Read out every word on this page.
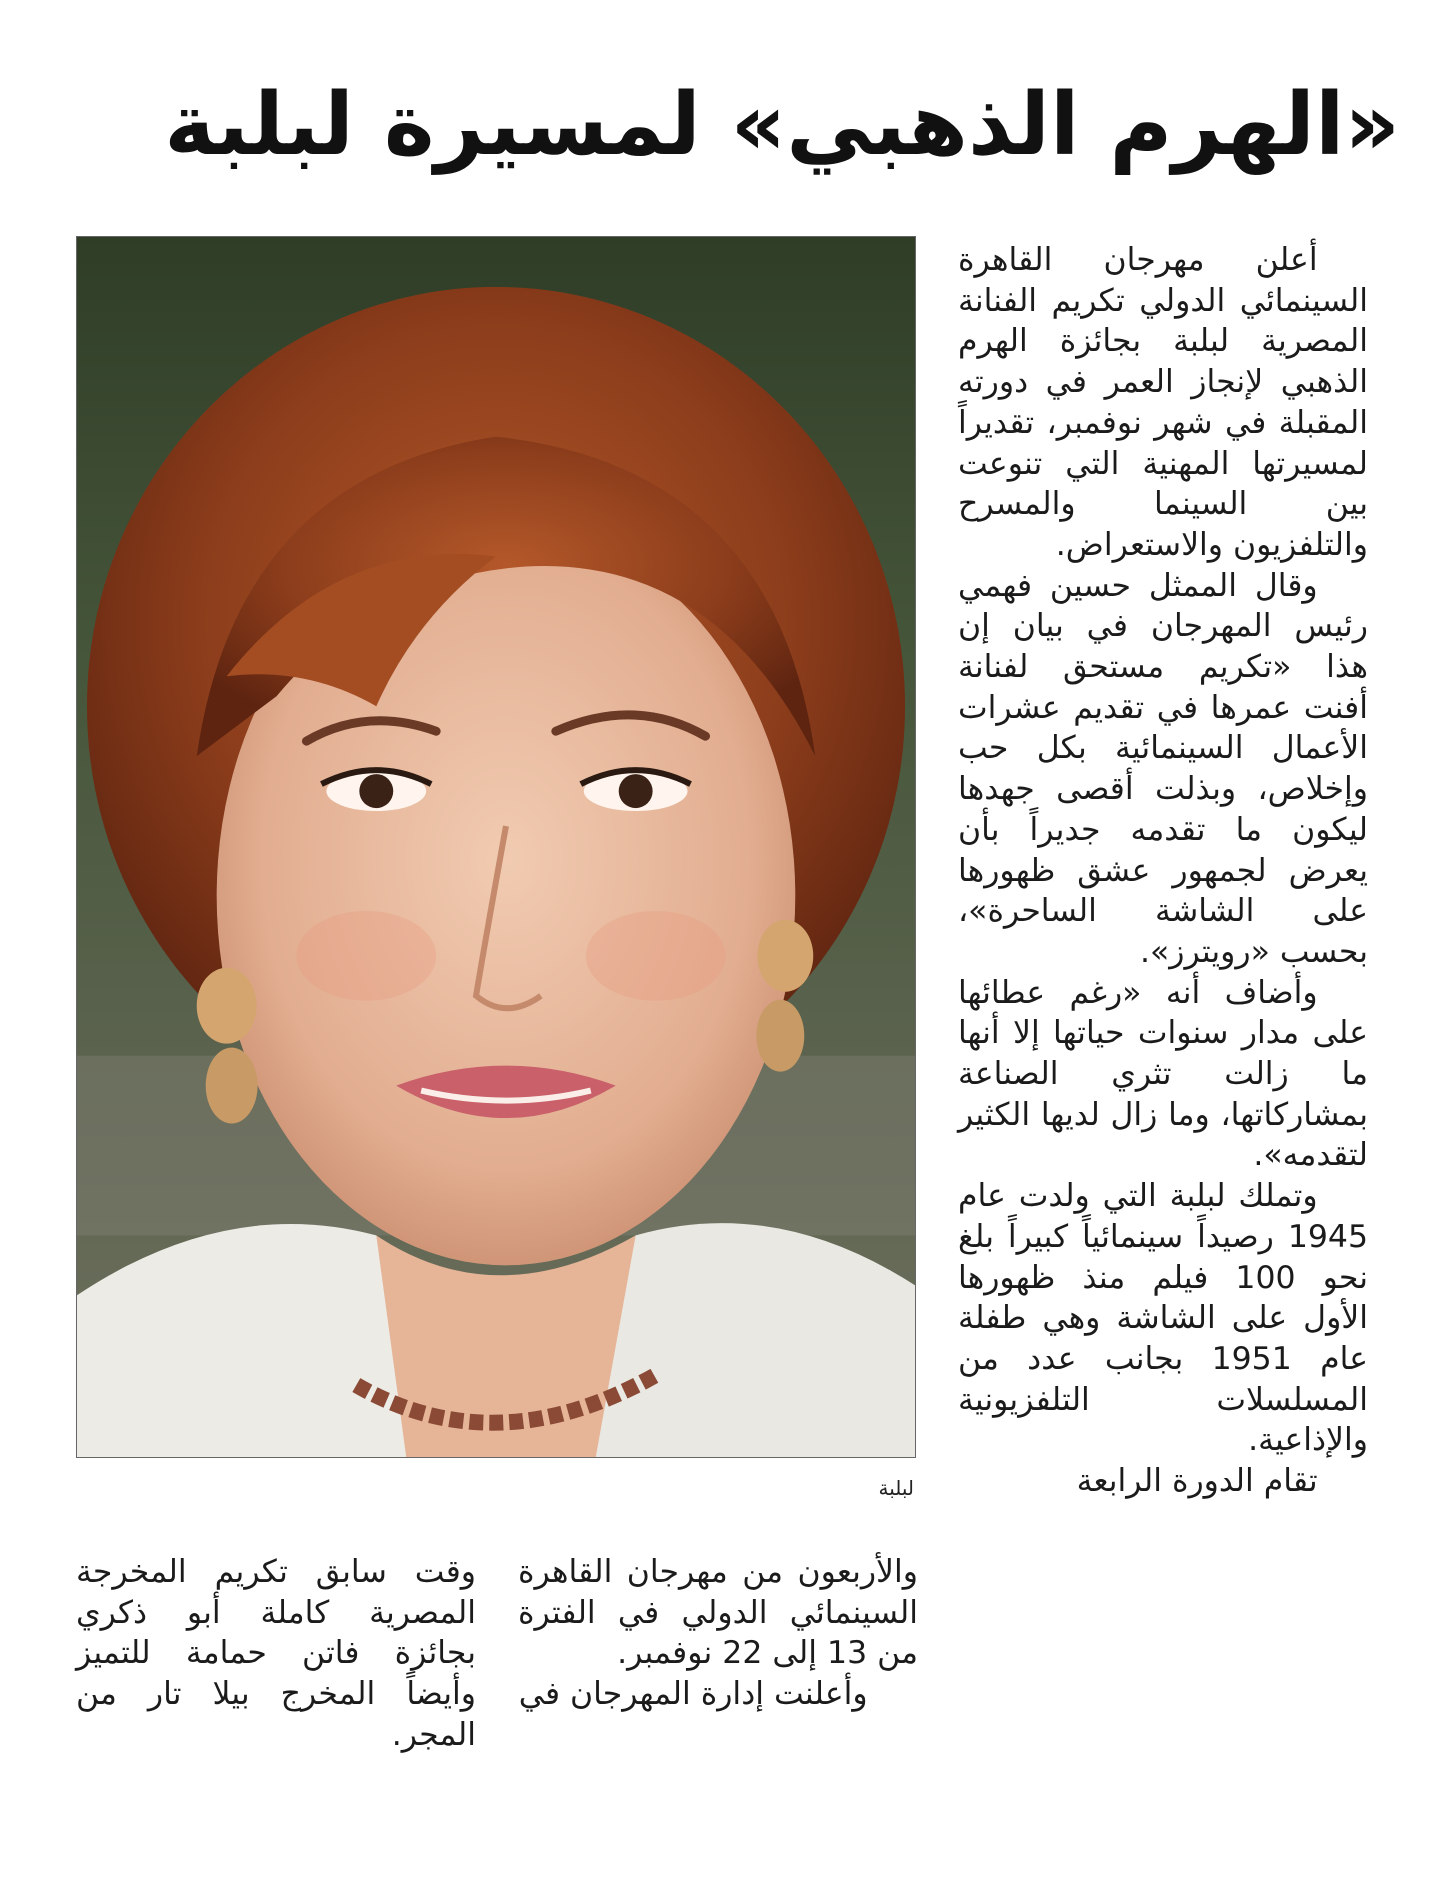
«الهرم الذهبي» لمسيرة لبلبة
لبلبة

أعلن مهرجان القاهرة السينمائي الدولي تكريم الفنانة المصرية لبلبة بجائزة الهرم الذهبي لإنجاز العمر في دورته المقبلة في شهر نوفمبر، تقديراً لمسيرتها المهنية التي تنوعت بين السينما والمسرح والتلفزيون والاستعراض.

وقال الممثل حسين فهمي رئيس المهرجان في بيان إن هذا «تكريم مستحق لفنانة أفنت عمرها في تقديم عشرات الأعمال السينمائية بكل حب وإخلاص، وبذلت أقصى جهدها ليكون ما تقدمه جديراً بأن يعرض لجمهور عشق ظهورها على الشاشة الساحرة»، بحسب «رويترز».

وأضاف أنه «رغم عطائها على مدار سنوات حياتها إلا أنها ما زالت تثري الصناعة بمشاركاتها، وما زال لديها الكثير لتقدمه».

وتملك لبلبة التي ولدت عام 1945 رصيداً سينمائياً كبيراً بلغ نحو 100 فيلم منذ ظهورها الأول على الشاشة وهي طفلة عام 1951 بجانب عدد من المسلسلات التلفزيونية والإذاعية.

تقام الدورة الرابعة

والأربعون من مهرجان القاهرة السينمائي الدولي في الفترة من 13 إلى 22 نوفمبر.

وأعلنت إدارة المهرجان في

وقت سابق تكريم المخرجة المصرية كاملة أبو ذكري بجائزة فاتن حمامة للتميز وأيضاً المخرج بيلا تار من المجر.
